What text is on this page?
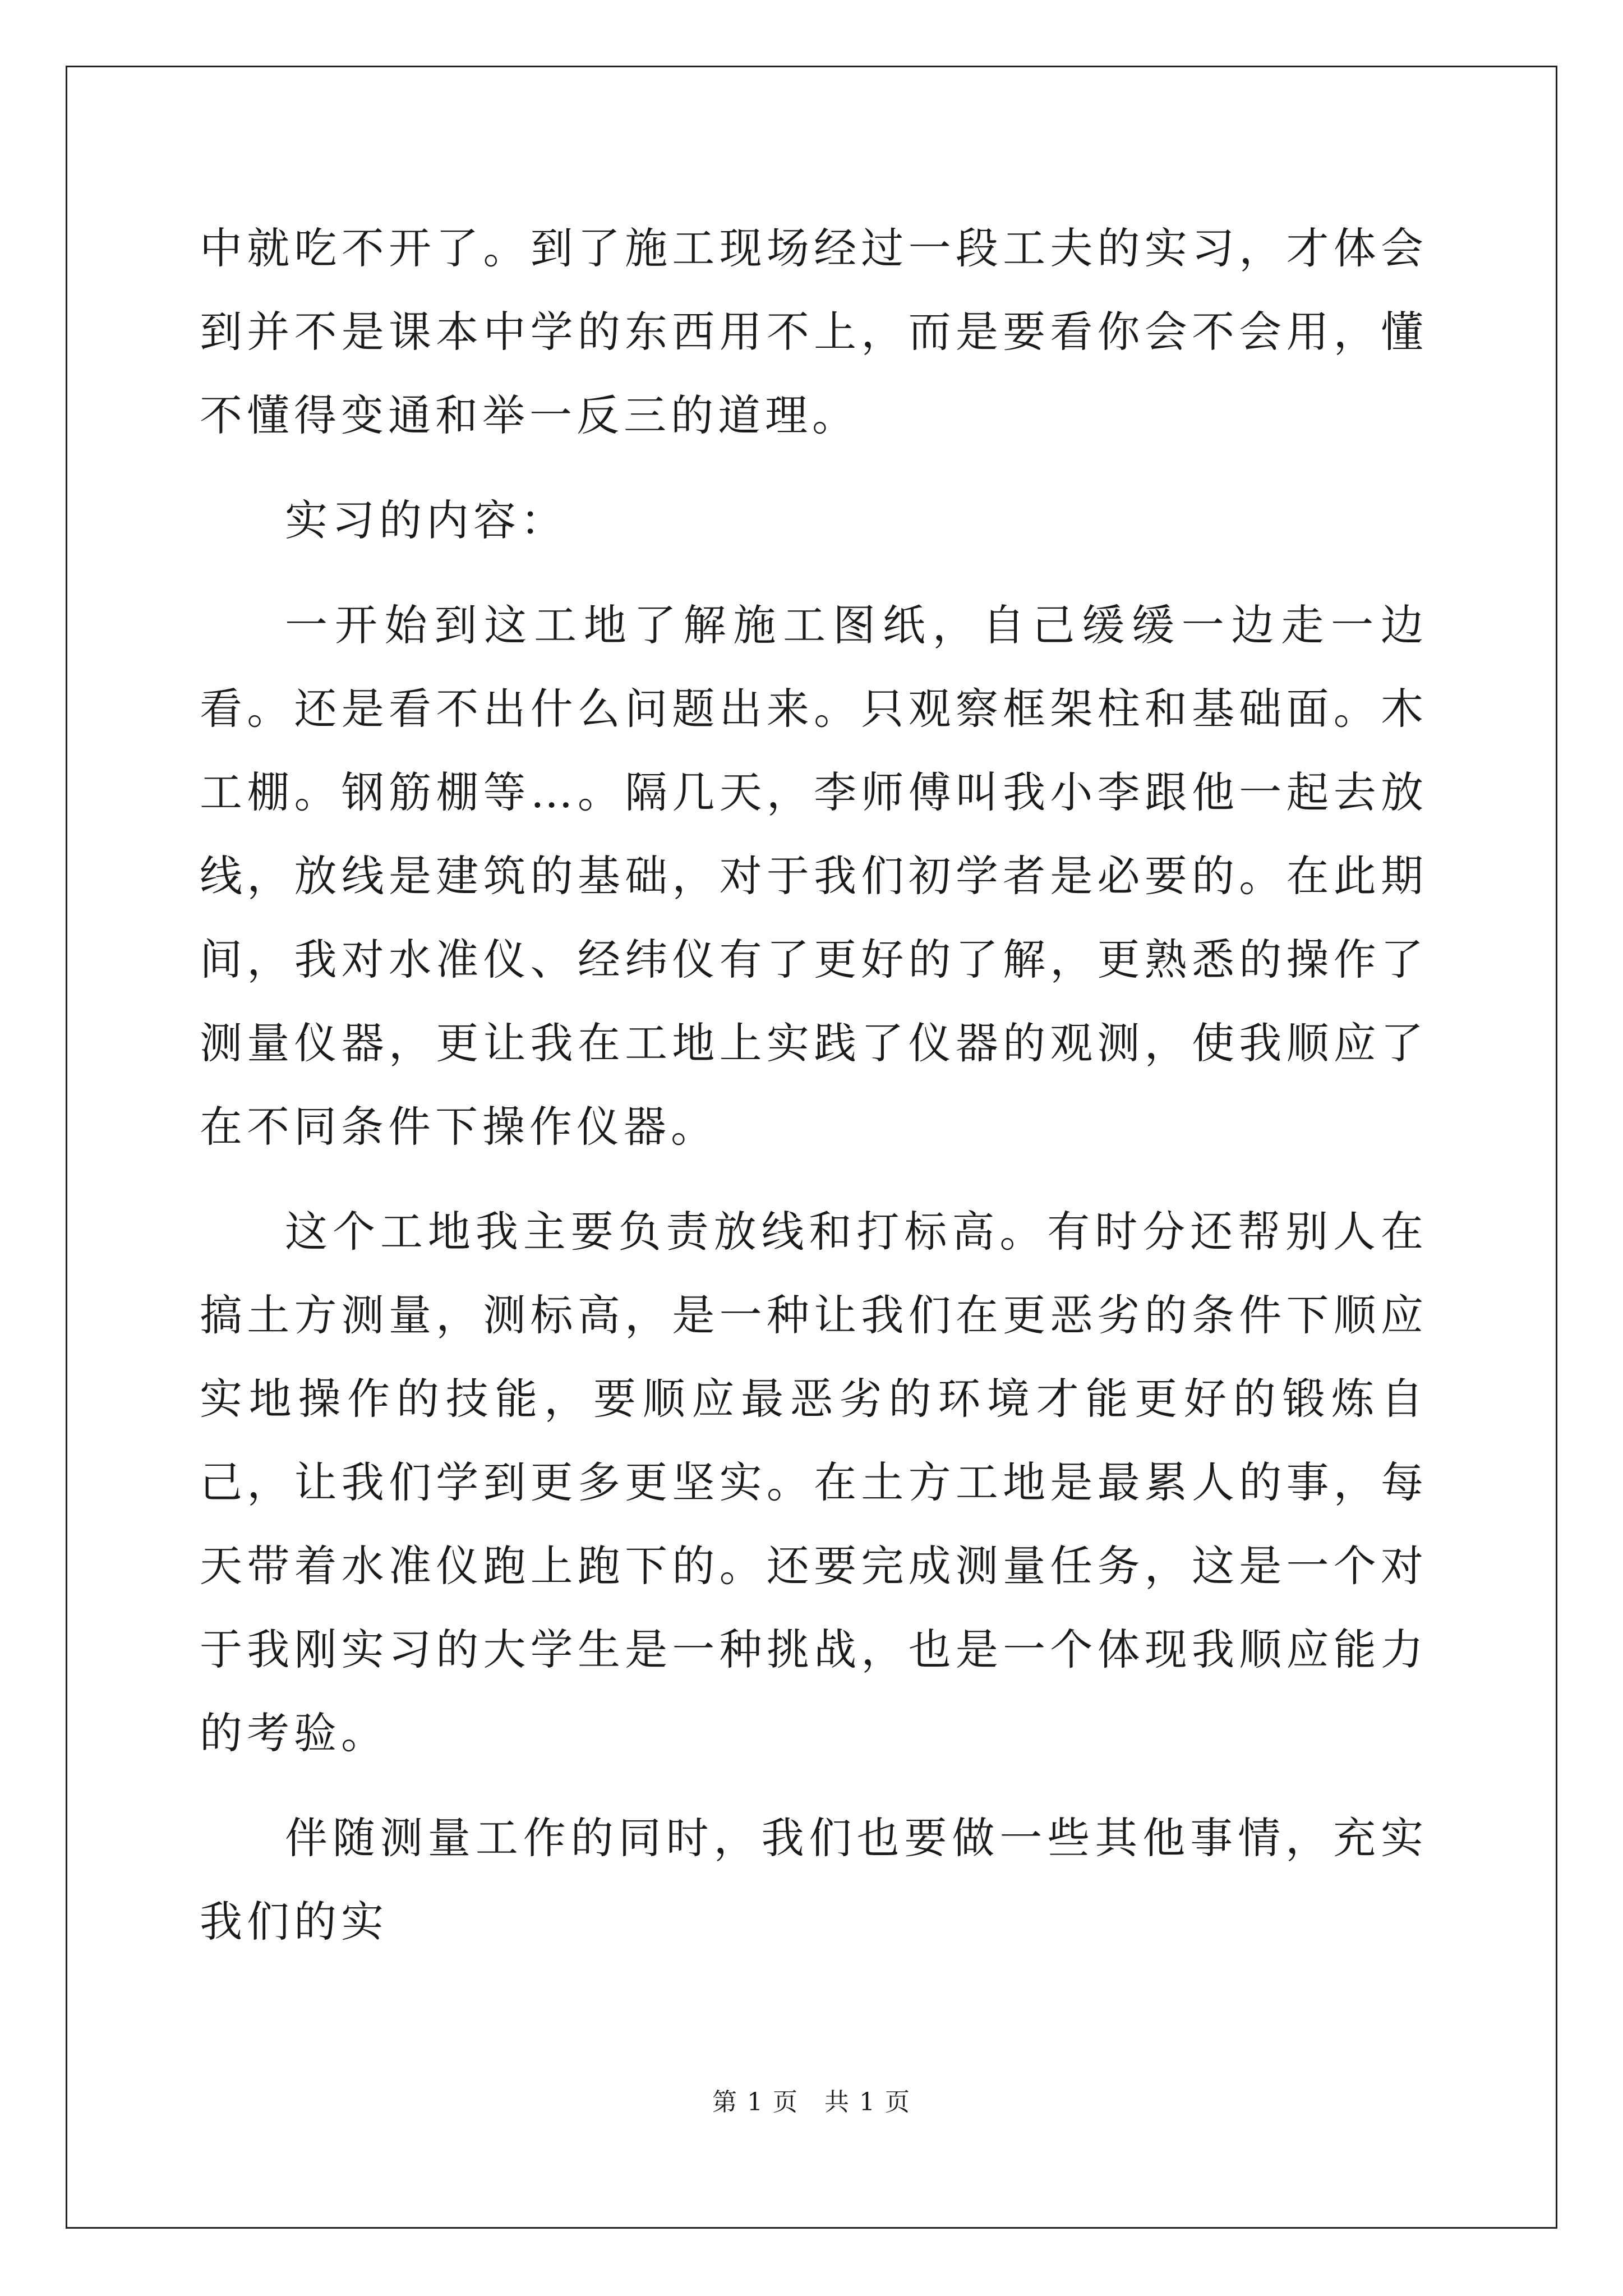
中就吃不开了。到了施工现场经过一段工夫的实习，才体会到并不是课本中学的东西用不上，而是要看你会不会用，懂不懂得变通和举一反三的道理。

实习的内容：

一开始到这工地了解施工图纸，自己缓缓一边走一边看。还是看不出什么问题出来。只观察框架柱和基础面。木工棚。钢筋棚等…。隔几天，李师傅叫我小李跟他一起去放线，放线是建筑的基础，对于我们初学者是必要的。在此期间，我对水准仪、经纬仪有了更好的了解，更熟悉的操作了测量仪器，更让我在工地上实践了仪器的观测，使我顺应了在不同条件下操作仪器。

这个工地我主要负责放线和打标高。有时分还帮别人在搞土方测量，测标高，是一种让我们在更恶劣的条件下顺应实地操作的技能，要顺应最恶劣的环境才能更好的锻炼自己，让我们学到更多更坚实。在土方工地是最累人的事，每天带着水准仪跑上跑下的。还要完成测量任务，这是一个对于我刚实习的大学生是一种挑战，也是一个体现我顺应能力的考验。

伴随测量工作的同时，我们也要做一些其他事情，充实我们的实

第 1 页　共 1 页
